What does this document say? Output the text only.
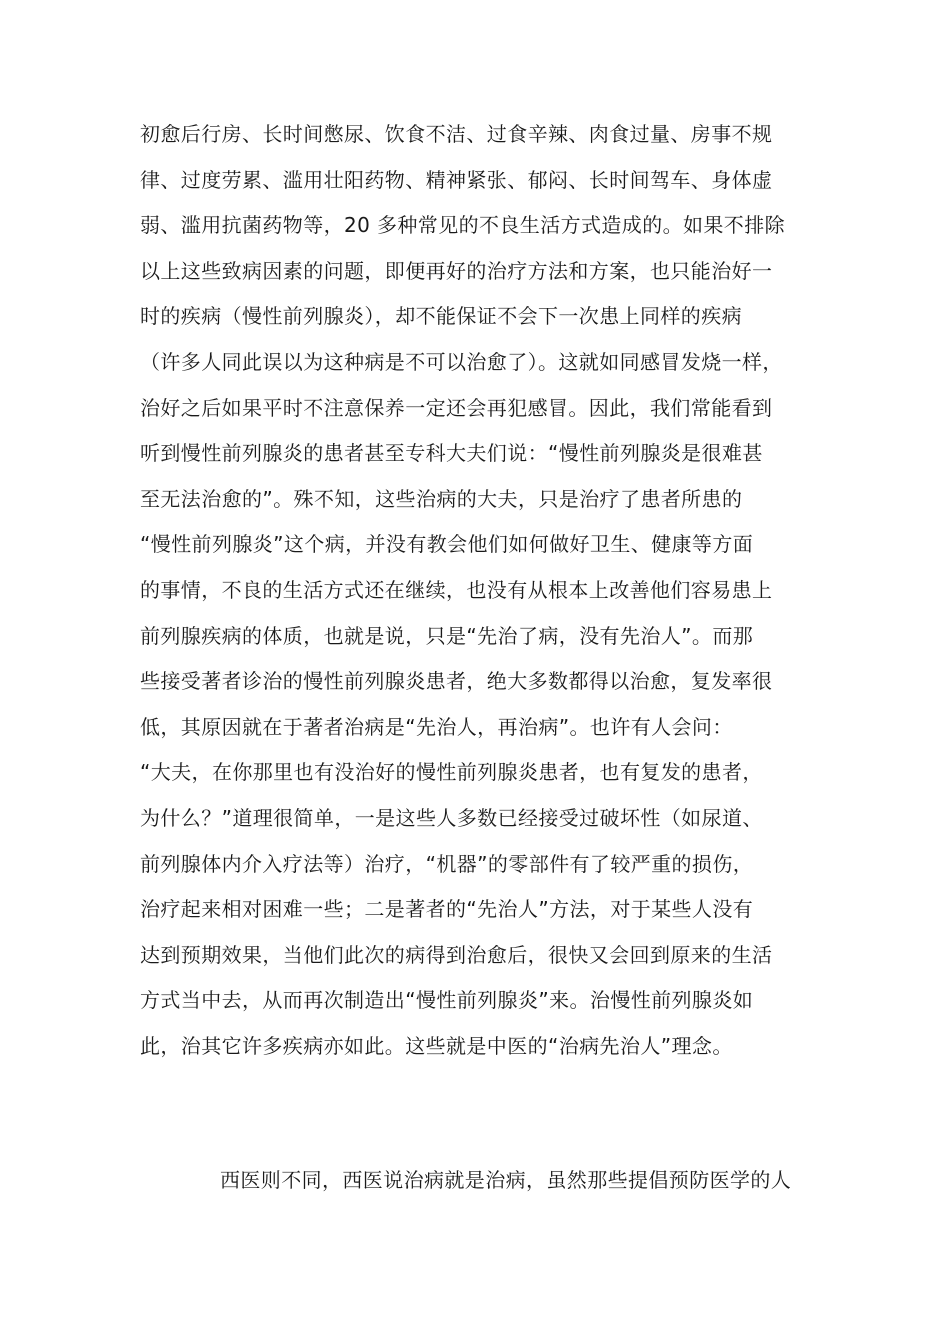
初愈后行房、长时间憋尿、饮食不洁、过食辛辣、肉食过量、房事不规
律、过度劳累、滥用壮阳药物、精神紧张、郁闷、长时间驾车、身体虚
弱、滥用抗菌药物等，20 多种常见的不良生活方式造成的。如果不排除
以上这些致病因素的问题，即便再好的治疗方法和方案，也只能治好一
时的疾病（慢性前列腺炎），却不能保证不会下一次患上同样的疾病
（许多人同此误以为这种病是不可以治愈了）。这就如同感冒发烧一样，
治好之后如果平时不注意保养一定还会再犯感冒。因此，我们常能看到
听到慢性前列腺炎的患者甚至专科大夫们说：“慢性前列腺炎是很难甚
至无法治愈的”。殊不知，这些治病的大夫，只是治疗了患者所患的
“慢性前列腺炎”这个病，并没有教会他们如何做好卫生、健康等方面
的事情，不良的生活方式还在继续，也没有从根本上改善他们容易患上
前列腺疾病的体质，也就是说，只是“先治了病，没有先治人”。而那
些接受著者诊治的慢性前列腺炎患者，绝大多数都得以治愈，复发率很
低，其原因就在于著者治病是“先治人，再治病”。也许有人会问：
“大夫，在你那里也有没治好的慢性前列腺炎患者，也有复发的患者，
为什么？”道理很简单，一是这些人多数已经接受过破坏性（如尿道、
前列腺体内介入疗法等）治疗，“机器”的零部件有了较严重的损伤，
治疗起来相对困难一些；二是著者的“先治人”方法，对于某些人没有
达到预期效果，当他们此次的病得到治愈后，很快又会回到原来的生活
方式当中去，从而再次制造出“慢性前列腺炎”来。治慢性前列腺炎如
此，治其它许多疾病亦如此。这些就是中医的“治病先治人”理念。
西医则不同，西医说治病就是治病，虽然那些提倡预防医学的人
